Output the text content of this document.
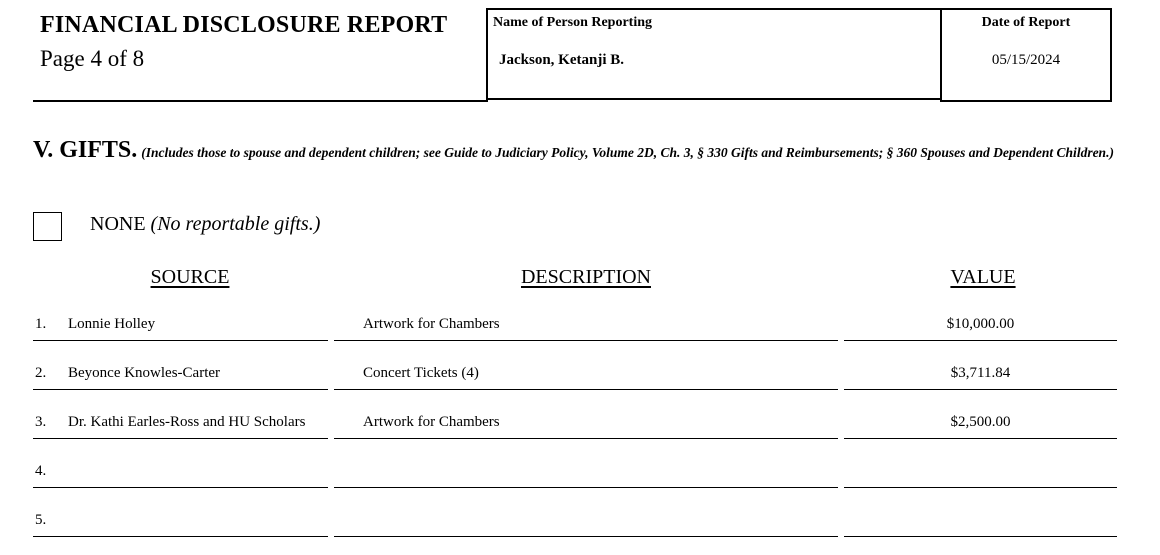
FINANCIAL DISCLOSURE REPORT
Page 4 of 8
Name of Person Reporting
Jackson, Ketanji B.
Date of Report
05/15/2024
V. GIFTS. (Includes those to spouse and dependent children; see Guide to Judiciary Policy, Volume 2D, Ch. 3, § 330 Gifts and Reimbursements; § 360 Spouses and Dependent Children.)
NONE (No reportable gifts.)
SOURCE	DESCRIPTION	VALUE
1. Lonnie Holley	Artwork for Chambers	$10,000.00
2. Beyonce Knowles-Carter	Concert Tickets (4)	$3,711.84
3. Dr. Kathi Earles-Ross and HU Scholars	Artwork for Chambers	$2,500.00
4.
5.
